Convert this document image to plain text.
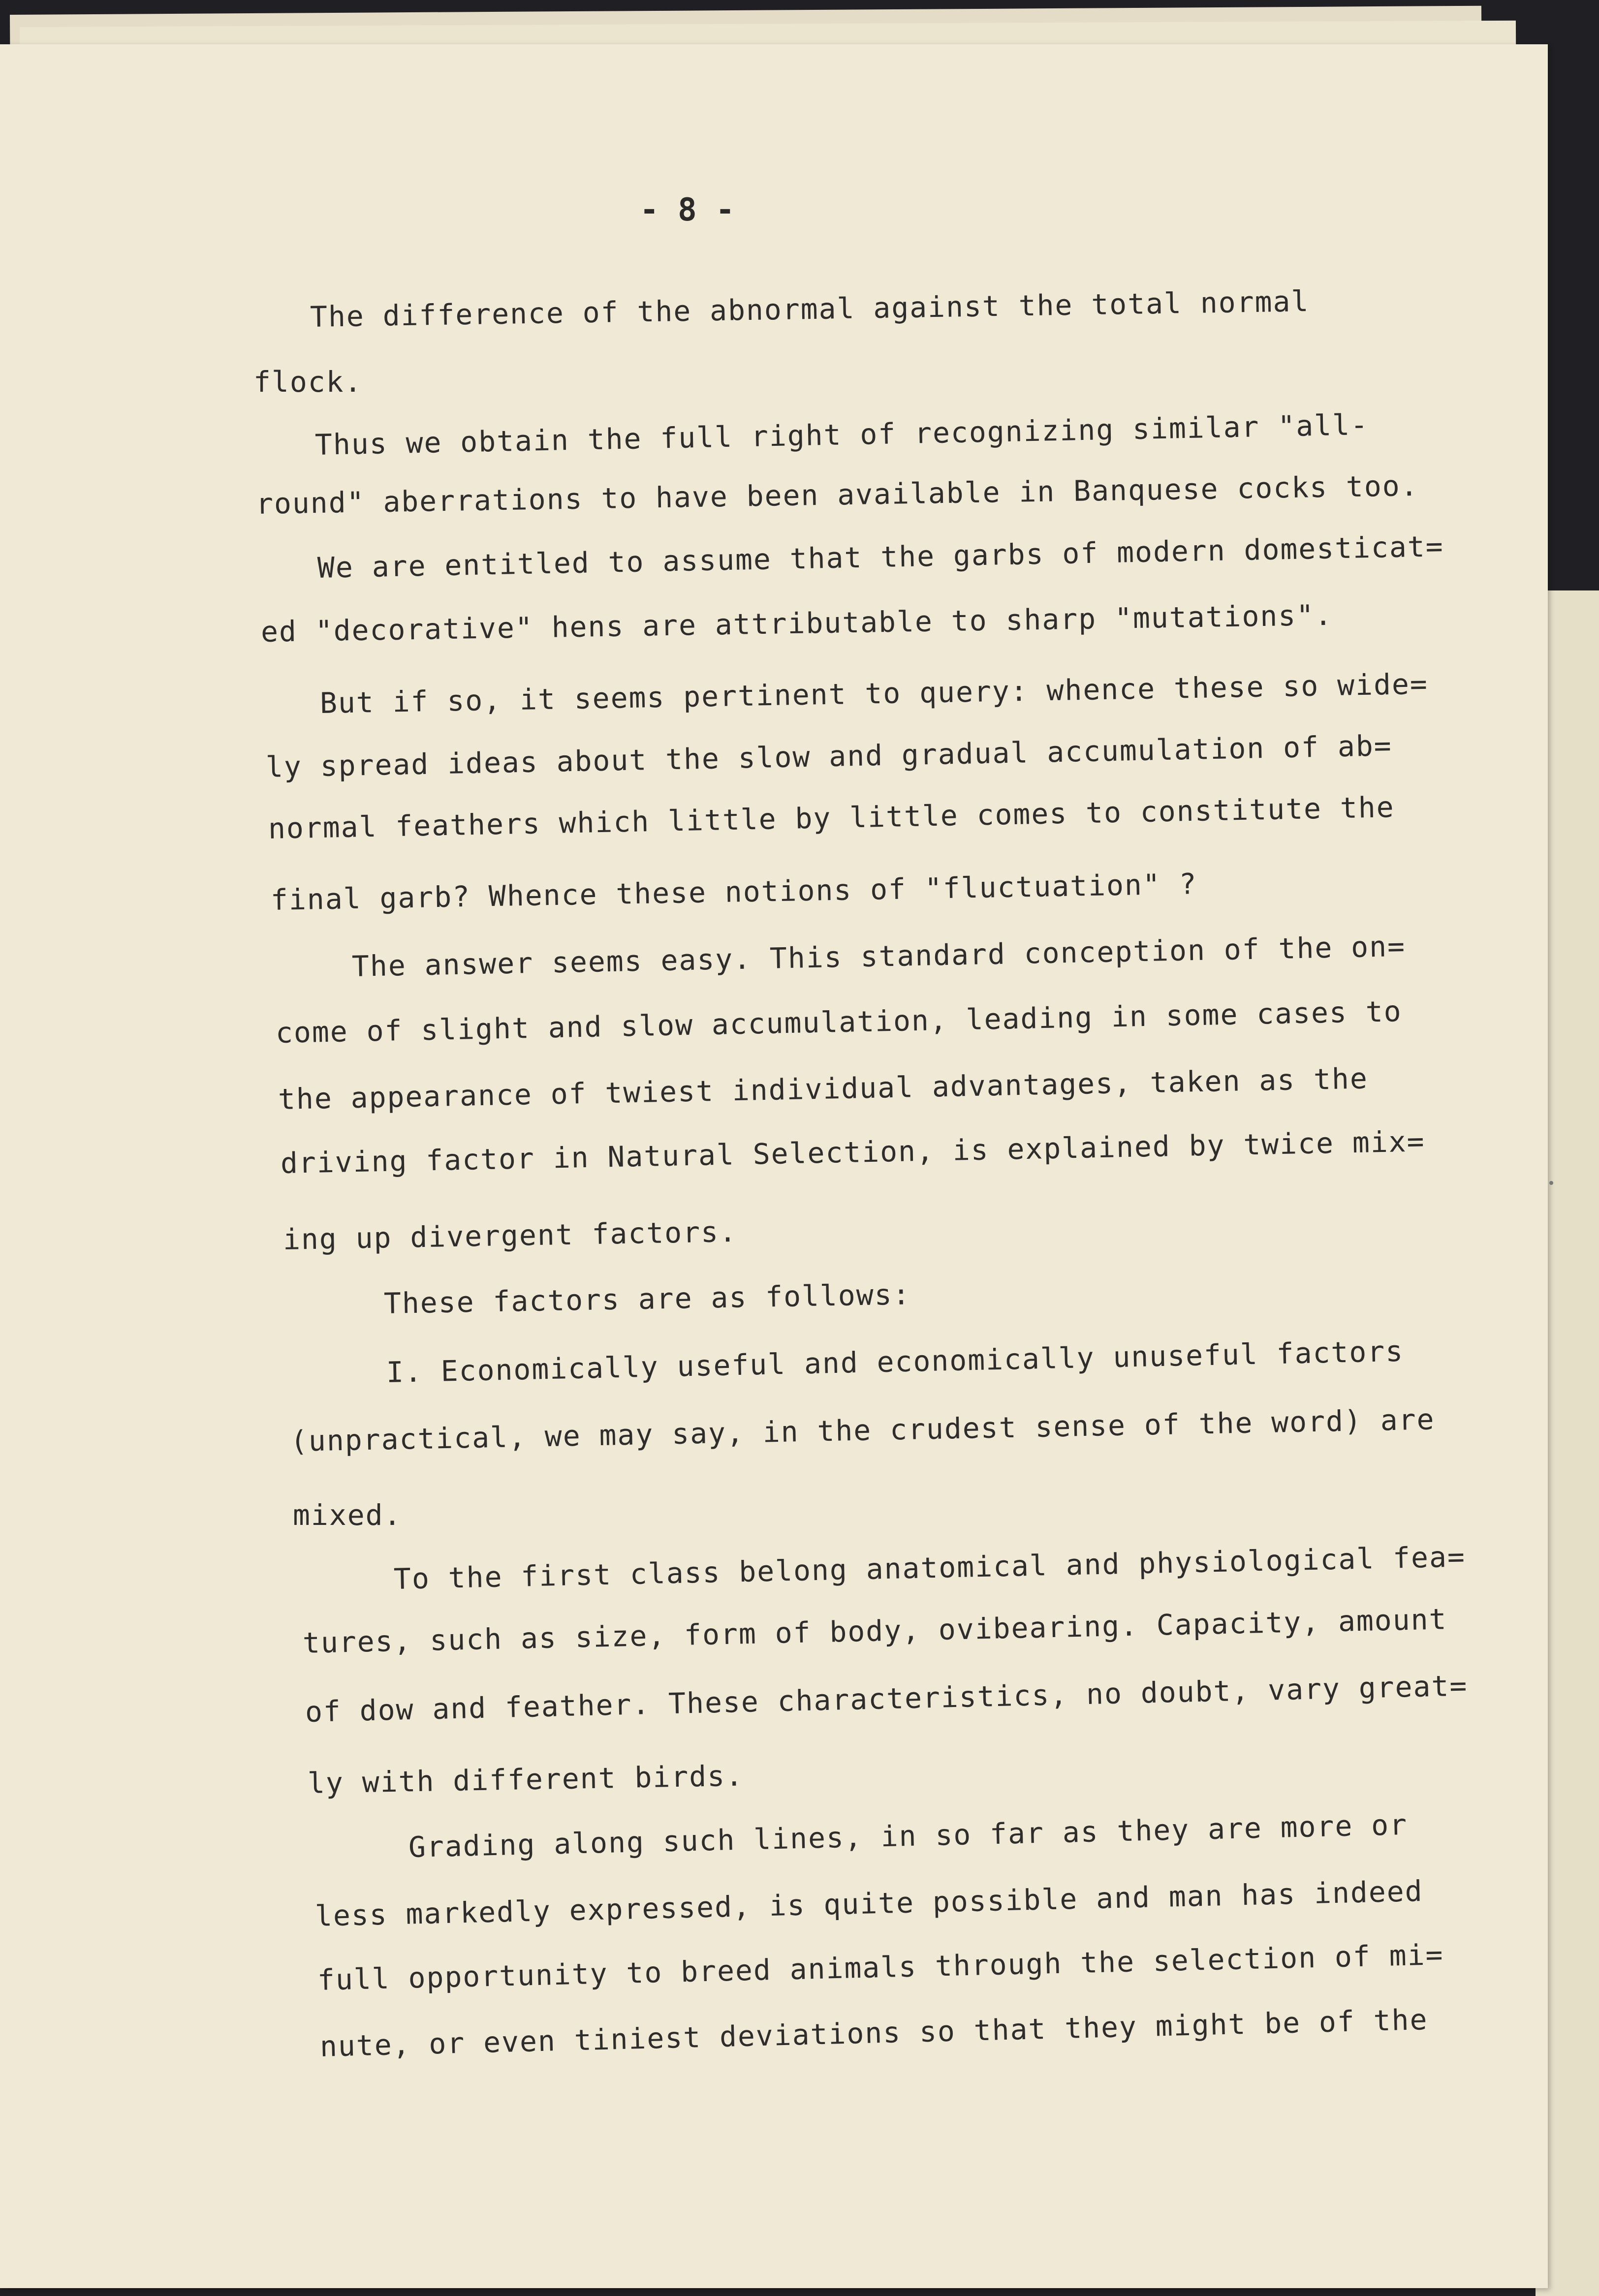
- 8 -
The difference of the abnormal against the total normal
flock.
Thus we obtain the full right of recognizing similar "all-
round" aberrations to have been available in Banquese cocks too.
We are entitled to assume that the garbs of modern domesticat=
ed "decorative" hens are attributable to sharp "mutations".
But if so, it seems pertinent to query: whence these so wide=
ly spread ideas about the slow and gradual accumulation of ab=
normal feathers which little by little comes to constitute the
final garb? Whence these notions of "fluctuation" ?
The answer seems easy. This standard conception of the on=
come of slight and slow accumulation, leading in some cases to
the appearance of twiest individual advantages, taken as the
driving factor in Natural Selection, is explained by twice mix=
ing up divergent factors.
These factors are as follows:
I. Economically useful and economically unuseful factors
(unpractical, we may say, in the crudest sense of the word) are
mixed.
To the first class belong anatomical and physiological fea=
tures, such as size, form of body, ovibearing. Capacity, amount
of dow and feather. These characteristics, no doubt, vary great=
ly with different birds.
Grading along such lines, in so far as they are more or
less markedly expressed, is quite possible and man has indeed
full opportunity to breed animals through the selection of mi=
nute, or even tiniest deviations so that they might be of the
